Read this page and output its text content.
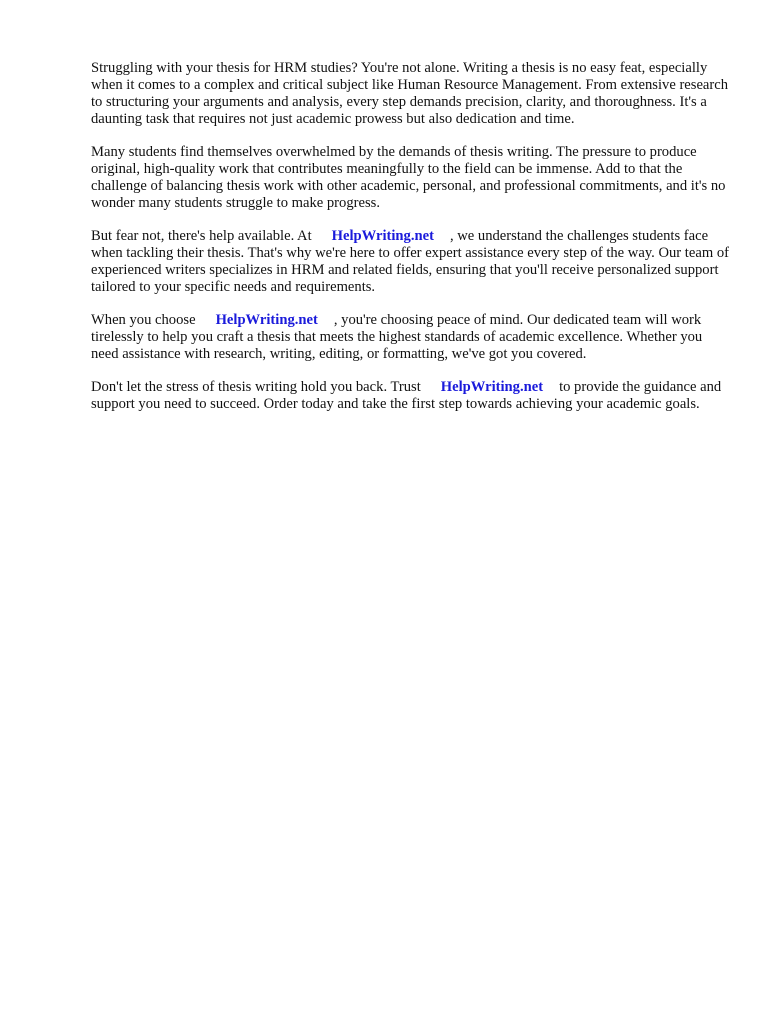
Struggling with your thesis for HRM studies? You're not alone. Writing a thesis is no easy feat, especially when it comes to a complex and critical subject like Human Resource Management. From extensive research to structuring your arguments and analysis, every step demands precision, clarity, and thoroughness. It's a daunting task that requires not just academic prowess but also dedication and time.

Many students find themselves overwhelmed by the demands of thesis writing. The pressure to produce original, high-quality work that contributes meaningfully to the field can be immense. Add to that the challenge of balancing thesis work with other academic, personal, and professional commitments, and it's no wonder many students struggle to make progress.

But fear not, there's help available. At HelpWriting.net , we understand the challenges students face when tackling their thesis. That's why we're here to offer expert assistance every step of the way. Our team of experienced writers specializes in HRM and related fields, ensuring that you'll receive personalized support tailored to your specific needs and requirements.

When you choose HelpWriting.net , you're choosing peace of mind. Our dedicated team will work tirelessly to help you craft a thesis that meets the highest standards of academic excellence. Whether you need assistance with research, writing, editing, or formatting, we've got you covered.

Don't let the stress of thesis writing hold you back. Trust HelpWriting.net to provide the guidance and support you need to succeed. Order today and take the first step towards achieving your academic goals.
